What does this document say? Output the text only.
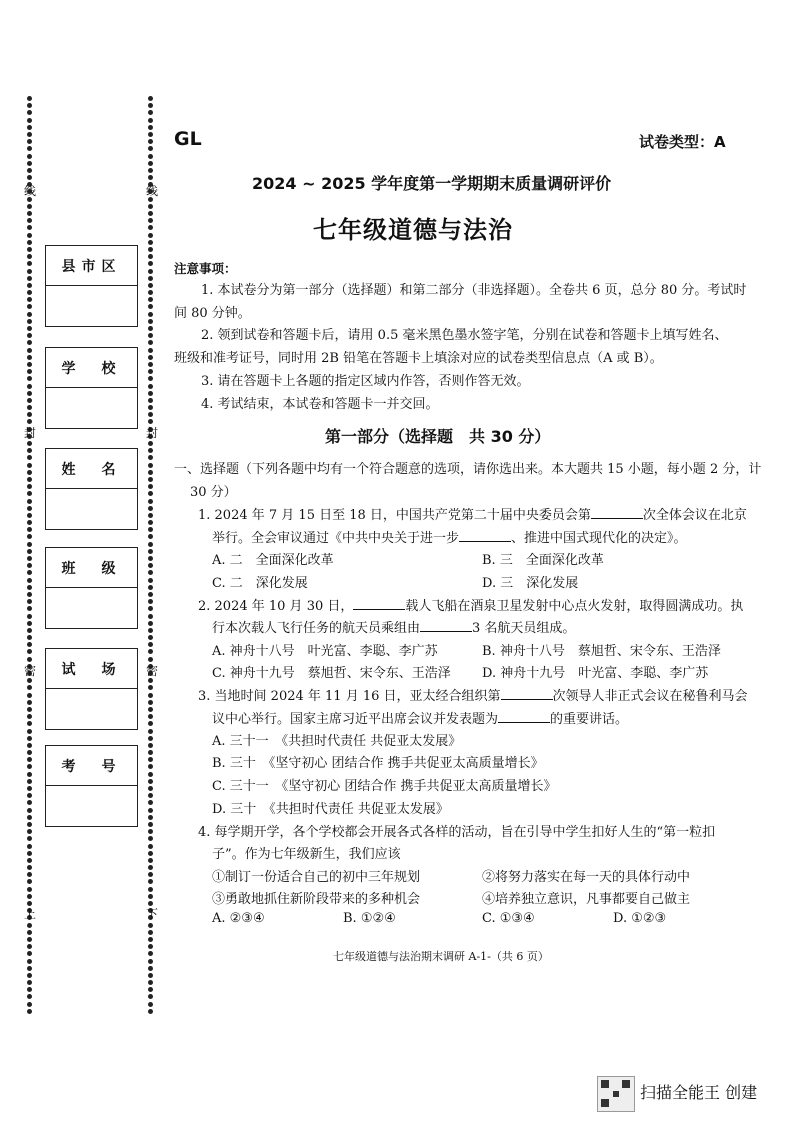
线
封
密
上
线
封
密
下
县市区
学　校
姓　名
班　级
试　场
考　号
GL	试卷类型：A
2024 ~ 2025 学年度第一学期期末质量调研评价
七年级道德与法治
注意事项：
1. 本试卷分为第一部分（选择题）和第二部分（非选择题）。全卷共 6 页，总分 80 分。考试时
间 80 分钟。
2. 领到试卷和答题卡后，请用 0.5 毫米黑色墨水签字笔，分别在试卷和答题卡上填写姓名、
班级和准考证号，同时用 2B 铅笔在答题卡上填涂对应的试卷类型信息点（A 或 B）。
3. 请在答题卡上各题的指定区域内作答，否则作答无效。
4. 考试结束，本试卷和答题卡一并交回。
第一部分（选择题　共 30 分）
一、选择题（下列各题中均有一个符合题意的选项，请你选出来。本大题共 15 小题，每小题 2 分，计
30 分）
1. 2024 年 7 月 15 日至 18 日，中国共产党第二十届中央委员会第	次全体会议在北京
举行。全会审议通过《中共中央关于进一步	、推进中国式现代化的决定》。
A. 二　全面深化改革	B. 三　全面深化改革
C. 二　深化发展	D. 三　深化发展
2. 2024 年 10 月 30 日，	载人飞船在酒泉卫星发射中心点火发射，取得圆满成功。执
行本次载人飞行任务的航天员乘组由	3 名航天员组成。
A. 神舟十八号　叶光富、李聪、李广苏	B. 神舟十八号　蔡旭哲、宋令东、王浩泽
C. 神舟十九号　蔡旭哲、宋令东、王浩泽 D. 神舟十九号　叶光富、李聪、李广苏
3. 当地时间 2024 年 11 月 16 日，亚太经合组织第	次领导人非正式会议在秘鲁利马会
议中心举行。国家主席习近平出席会议并发表题为	的重要讲话。
A. 三十一　《共担时代责任 共促亚太发展》
B. 三十　《坚守初心 团结合作 携手共促亚太高质量增长》
C. 三十一　《坚守初心 团结合作 携手共促亚太高质量增长》
D. 三十　《共担时代责任 共促亚太发展》
4. 每学期开学，各个学校都会开展各式各样的活动，旨在引导中学生扣好人生的“第一粒扣
子”。作为七年级新生，我们应该
①制订一份适合自己的初中三年规划	②将努力落实在每一天的具体行动中
③勇敢地抓住新阶段带来的多种机会	④培养独立意识，凡事都要自己做主
A. ②③④	B. ①②④	C. ①③④	D. ①②③
七年级道德与法治期末调研 A-1-（共 6 页）
扫描全能王 创建
